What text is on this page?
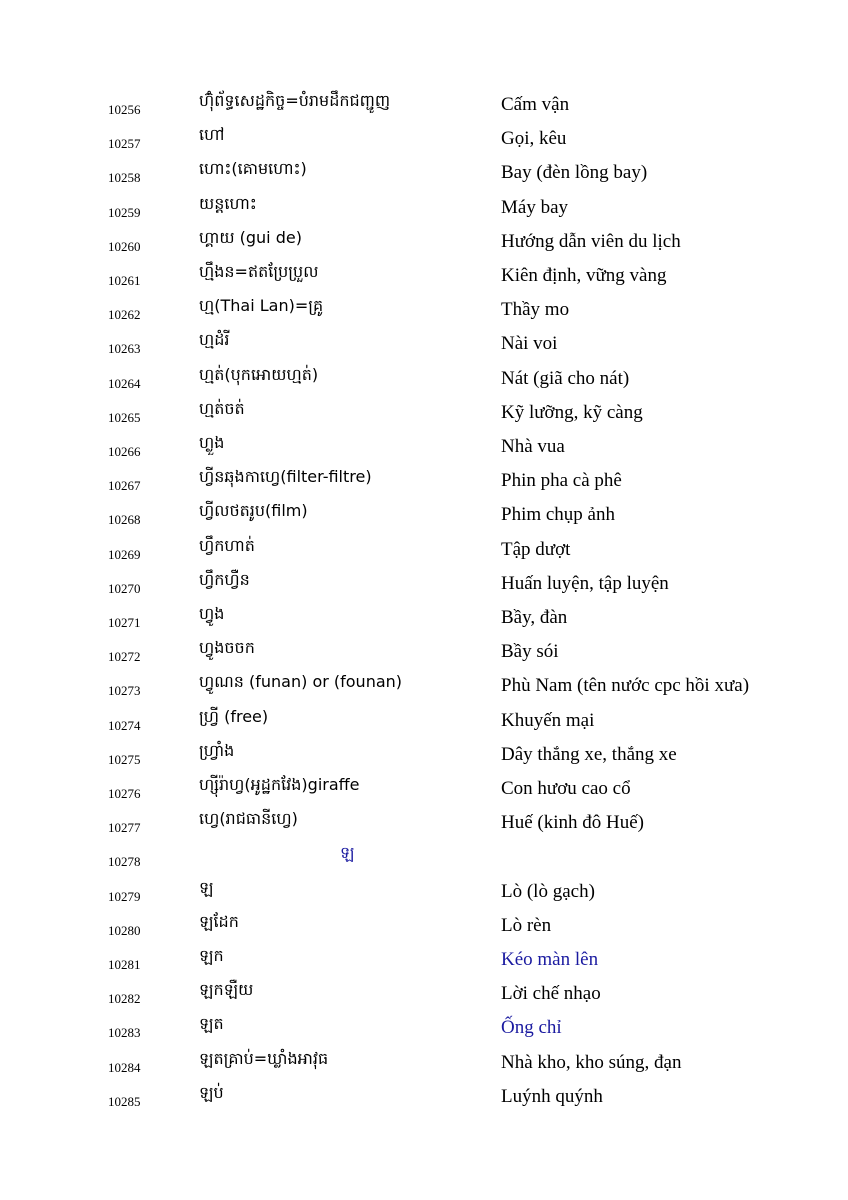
10256	ហ៊ុំព័ទ្ធសេដ្ឋកិច្ច=បំរាមដឹកជញ្ជូញ	Cấm vận
10257	ហៅ	Gọi, kêu
10258	ហោះ(គោមហោះ)	Bay (đèn lồng bay)
10259	យន្តហោះ	Máy bay
10260	ហ្គាយ (gui de)	Hướng dẫn viên du lịch
10261	ហ្មឹងន=ឥតប្រែប្រួល	Kiên định, vững vàng
10262	ហ្ម(Thai Lan)=គ្រូ	Thầy mo
10263	ហ្មដំរី	Nài voi
10264	ហ្មត់(បុកអោយហ្មត់)	Nát (giã cho nát)
10265	ហ្មត់ចត់	Kỹ lưỡng, kỹ càng
10266	ហ្លួង	Nhà vua
10267	ហ្វីនឆុងកាហ្វេ(filter-filtre)	Phin pha cà phê
10268	ហ្វីលថតរូប(film)	Phim chụp ảnh
10269	ហ្វឹកហាត់	Tập dượt
10270	ហ្វឹកហ្វឺន	Huấn luyện, tập luyện
10271	ហ្វូង	Bầy, đàn
10272	ហ្វូងចចក	Bầy sói
10273	ហ្វូណន (funan) or (founan)	Phù Nam (tên nước cpc hồi xưa)
10274	ហ្វ្រី (free)	Khuyến mại
10275	ហ្វ្រាំង	Dây thắng xe, thắng xe
10276	ហ្ស៊ីរ៉ាហ្វ(អូដ្ឋកវែង)giraffe	Con hươu cao cổ
10277	ហ្វេ(រាជធានីហ្វេ)	Huế (kinh đô Huế)
10278	ឡ
10279	ឡ	Lò (lò gạch)
10280	ឡដែក	Lò rèn
10281	ឡក	Kéo màn lên
10282	ឡកឡឺយ	Lời chế nhạo
10283	ឡត	Ống chỉ
10284	ឡតគ្រាប់=ឃ្លាំងអាវុធ	Nhà kho, kho súng, đạn
10285	ឡប់	Luýnh quýnh
